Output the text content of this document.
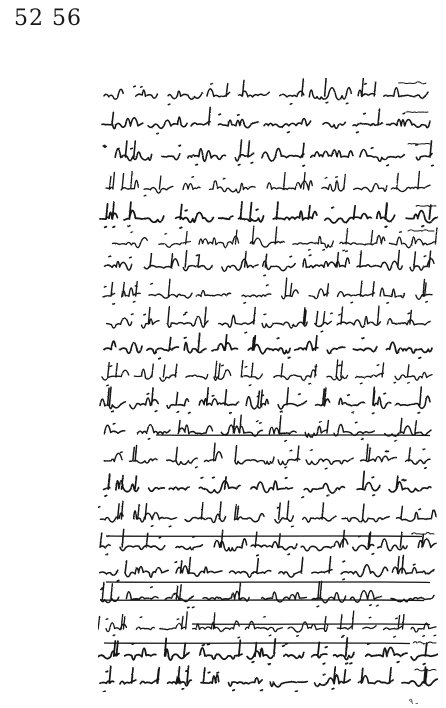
52 56
ـ ٩
